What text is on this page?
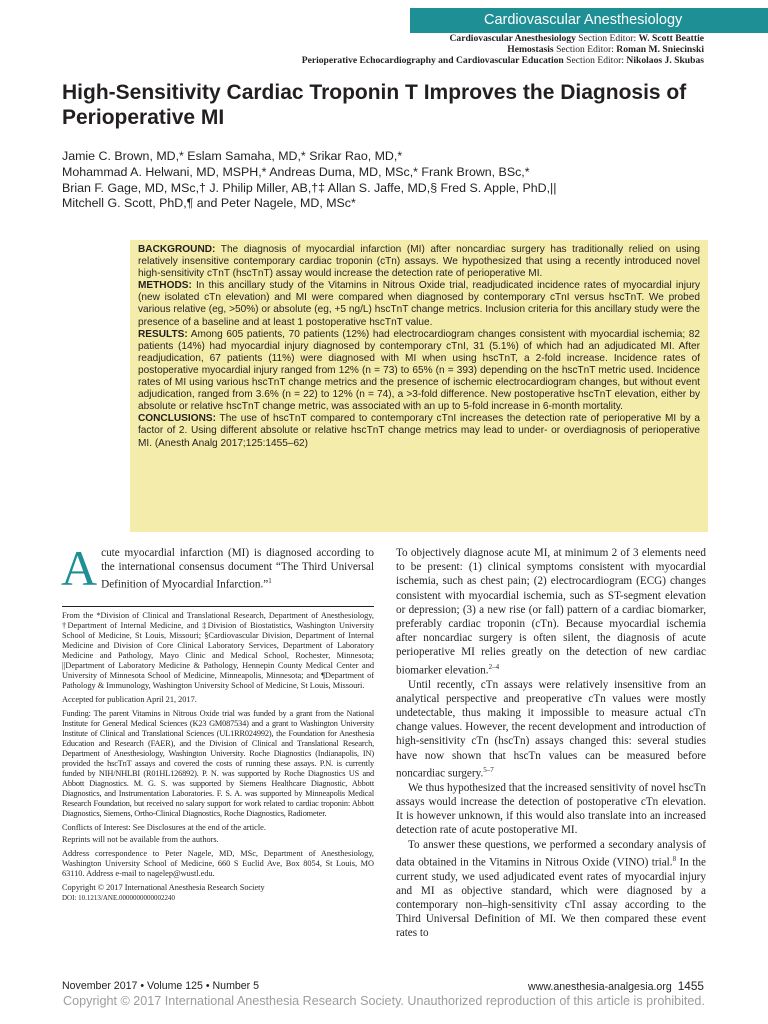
Cardiovascular Anesthesiology
Cardiovascular Anesthesiology Section Editor: W. Scott Beattie
Hemostasis Section Editor: Roman M. Sniecinski
Perioperative Echocardiography and Cardiovascular Education Section Editor: Nikolaos J. Skubas
High-Sensitivity Cardiac Troponin T Improves the Diagnosis of Perioperative MI
Jamie C. Brown, MD,* Eslam Samaha, MD,* Srikar Rao, MD,*
Mohammad A. Helwani, MD, MSPH,* Andreas Duma, MD, MSc,* Frank Brown, BSc,*
Brian F. Gage, MD, MSc,† J. Philip Miller, AB,†‡ Allan S. Jaffe, MD,§ Fred S. Apple, PhD,||
Mitchell G. Scott, PhD,¶ and Peter Nagele, MD, MSc*

BACKGROUND: The diagnosis of myocardial infarction (MI) after noncardiac surgery has traditionally relied on using relatively insensitive contemporary cardiac troponin (cTn) assays. We hypothesized that using a recently introduced novel high-sensitivity cTnT (hscTnT) assay would increase the detection rate of perioperative MI.

METHODS: In this ancillary study of the Vitamins in Nitrous Oxide trial, readjudicated incidence rates of myocardial injury (new isolated cTn elevation) and MI were compared when diagnosed by contemporary cTnI versus hscTnT. We probed various relative (eg, >50%) or absolute (eg, +5 ng/L) hscTnT change metrics. Inclusion criteria for this ancillary study were the presence of a baseline and at least 1 postoperative hscTnT value.

RESULTS: Among 605 patients, 70 patients (12%) had electrocardiogram changes consistent with myocardial ischemia; 82 patients (14%) had myocardial injury diagnosed by contemporary cTnI, 31 (5.1%) of which had an adjudicated MI. After readjudication, 67 patients (11%) were diagnosed with MI when using hscTnT, a 2-fold increase. Incidence rates of postoperative myocardial injury ranged from 12% (n = 73) to 65% (n = 393) depending on the hscTnT metric used. Incidence rates of MI using various hscTnT change metrics and the presence of ischemic electrocardiogram changes, but without event adjudication, ranged from 3.6% (n = 22) to 12% (n = 74), a >3-fold difference. New postoperative hscTnT elevation, either by absolute or relative hscTnT change metric, was associated with an up to 5-fold increase in 6-month mortality.

CONCLUSIONS: The use of hscTnT compared to contemporary cTnI increases the detection rate of perioperative MI by a factor of 2. Using different absolute or relative hscTnT change metrics may lead to under- or overdiagnosis of perioperative MI. (Anesth Analg 2017;125:1455–62)

A cute myocardial infarction (MI) is diagnosed according to the international consensus document “The Third Universal Definition of Myocardial Infarction.”$^1$

From the *Division of Clinical and Translational Research, Department of Anesthesiology, †Department of Internal Medicine, and ‡Division of Biostatistics, Washington University School of Medicine, St Louis, Missouri; §Cardiovascular Division, Department of Internal Medicine and Division of Core Clinical Laboratory Services, Department of Laboratory Medicine and Pathology, Mayo Clinic and Medical School, Rochester, Minnesota; ||Department of Laboratory Medicine & Pathology, Hennepin County Medical Center and University of Minnesota School of Medicine, Minneapolis, Minnesota; and ¶Department of Pathology & Immunology, Washington University School of Medicine, St Louis, Missouri.

Accepted for publication April 21, 2017.

Funding: The parent Vitamins in Nitrous Oxide trial was funded by a grant from the National Institute for General Medical Sciences (K23 GM087534) and a grant to Washington University Institute of Clinical and Translational Sciences (UL1RR024992), the Foundation for Anesthesia Education and Research (FAER), and the Division of Clinical and Translational Research, Department of Anesthesiology, Washington University. Roche Diagnostics (Indianapolis, IN) provided the hscTnT assays and covered the costs of running these assays. P.N. is currently funded by NIH/NHLBI (R01HL126892). P. N. was supported by Roche Diagnostics US and Abbott Diagnostics. M. G. S. was supported by Siemens Healthcare Diagnostic, Abbott Diagnostics, and Instrumentation Laboratories. F. S. A. was supported by Minneapolis Medical Research Foundation, but received no salary support for work related to cardiac troponin: Abbott Diagnostics, Siemens, Ortho-Clinical Diagnostics, Roche Diagnostics, Radiometer.

Conflicts of Interest: See Disclosures at the end of the article.

Reprints will not be available from the authors.

Address correspondence to Peter Nagele, MD, MSc, Department of Anesthesiology, Washington University School of Medicine, 660 S Euclid Ave, Box 8054, St Louis, MO 63110. Address e-mail to nagelep@wustl.edu.

Copyright © 2017 International Anesthesia Research Society
DOI: 10.1213/ANE.0000000000002240

To objectively diagnose acute MI, at minimum 2 of 3 elements need to be present: (1) clinical symptoms consistent with myocardial ischemia, such as chest pain; (2) electrocardiogram (ECG) changes consistent with myocardial ischemia, such as ST-segment elevation or depression; (3) a new rise (or fall) pattern of a cardiac biomarker, preferably cardiac troponin (cTn). Because myocardial ischemia after noncardiac surgery is often silent, the diagnosis of acute perioperative MI relies greatly on the detection of new cardiac biomarker elevation.$^{2-4}$

Until recently, cTn assays were relatively insensitive from an analytical perspective and preoperative cTn values were mostly undetectable, thus making it impossible to measure actual cTn change values. However, the recent development and introduction of high-sensitivity cTn (hscTn) assays changed this: several studies have now shown that hscTn values can be measured before noncardiac surgery.$^{5-7}$

We thus hypothesized that the increased sensitivity of novel hscTn assays would increase the detection of postoperative cTn elevation. It is however unknown, if this would also translate into an increased detection rate of acute postoperative MI.

To answer these questions, we performed a secondary analysis of data obtained in the Vitamins in Nitrous Oxide (VINO) trial.$^8$ In the current study, we used adjudicated event rates of myocardial injury and MI as objective standard, which were diagnosed by a contemporary non–high-sensitivity cTnI assay according to the Third Universal Definition of MI. We then compared these event rates to

November 2017 • Volume 125 • Number 5	www.anesthesia-analgesia.org 1455
Copyright © 2017 International Anesthesia Research Society. Unauthorized reproduction of this article is prohibited.
